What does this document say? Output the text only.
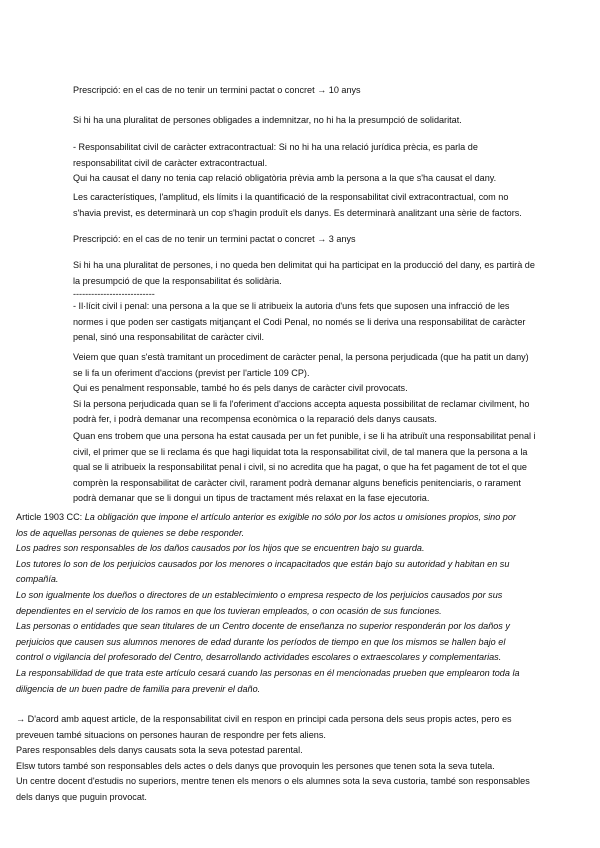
Prescripció: en el cas de no tenir un termini pactat o concret → 10 anys
Si hi ha una pluralitat de persones obligades a indemnitzar, no hi ha la presumpció de solidaritat.
- Responsabilitat civil de caràcter extracontractual: Si no hi ha una relació jurídica prècia, es parla de
responsabilitat civil de caràcter extracontractual.
Qui ha causat el dany no tenia cap relació obligatòria prèvia amb la persona a la que s'ha causat el dany.
Les característiques, l'amplitud, els límits i la quantificació de la responsabilitat civil extracontractual, com no
s'havia previst, es determinarà un cop s'hagin produït els danys. Es determinarà analitzant una sèrie de factors.
Prescripció: en el cas de no tenir un termini pactat o concret → 3 anys
Si hi ha una pluralitat de persones, i no queda ben delimitat qui ha participat en la producció del dany, es partirà de
la presumpció de que la responsabilitat és solidària.
---------------------------
- Il·lícit civil i penal: una persona a la que se li atribueix la autoria d'uns fets que suposen una infracció de les
normes i que poden ser castigats mitjançant el Codi Penal, no només se li deriva una responsabilitat de caràcter
penal, sinó una responsabilitat de caràcter civil.
Veiem que quan s'està tramitant un procediment de caràcter penal, la persona perjudicada (que ha patit un dany)
se li fa un oferiment d'accions (previst per l'article 109 CP).
Qui es penalment responsable, també ho és pels danys de caràcter civil provocats.
Si la persona perjudicada quan se li fa l'oferiment d'accions accepta aquesta possibilitat de reclamar civilment, ho
podrà fer, i podrà demanar una recompensa econòmica o la reparació dels danys causats.
Quan ens trobem que una persona ha estat causada per un fet punible, i se li ha atribuït una responsabilitat penal i
civil, el primer que se li reclama és que hagi liquidat tota la responsabilitat civil, de tal manera que la persona a la
qual se li atribueix la responsabilitat penal i civil, si no acredita que ha pagat, o que ha fet pagament de tot el que
comprèn la responsabilitat de caràcter civil, rarament podrà demanar alguns beneficis penitenciaris, o rarament
podrà demanar que se li dongui un tipus de tractament més relaxat en la fase ejecutoria.
Article 1903 CC: La obligación que impone el artículo anterior es exigible no sólo por los actos u omisiones propios, sino por
los de aquellas personas de quienes se debe responder.
Los padres son responsables de los daños causados por los hijos que se encuentren bajo su guarda.
Los tutores lo son de los perjuicios causados por los menores o incapacitados que están bajo su autoridad y habitan en su
compañía.
Lo son igualmente los dueños o directores de un establecimiento o empresa respecto de los perjuicios causados por sus
dependientes en el servicio de los ramos en que los tuvieran empleados, o con ocasión de sus funciones.
Las personas o entidades que sean titulares de un Centro docente de enseñanza no superior responderán por los daños y
perjuicios que causen sus alumnos menores de edad durante los períodos de tiempo en que los mismos se hallen bajo el
control o vigilancia del profesorado del Centro, desarrollando actividades escolares o extraescolares y complementarias.
La responsabilidad de que trata este artículo cesará cuando las personas en él mencionadas prueben que emplearon toda la
diligencia de un buen padre de familia para prevenir el daño.
→ D'acord amb aquest article, de la responsabilitat civil en respon en principi cada persona dels seus propis actes, pero es
preveuen també situacions on persones hauran de respondre per fets aliens.
Pares responsables dels danys causats sota la seva potestad parental.
Elsw tutors també son responsables dels actes o dels danys que provoquin les persones que tenen sota la seva tutela.
Un centre docent d'estudis no superiors, mentre tenen els menors o els alumnes sota la seva custoria, també son responsables
dels danys que puguin provocat.
